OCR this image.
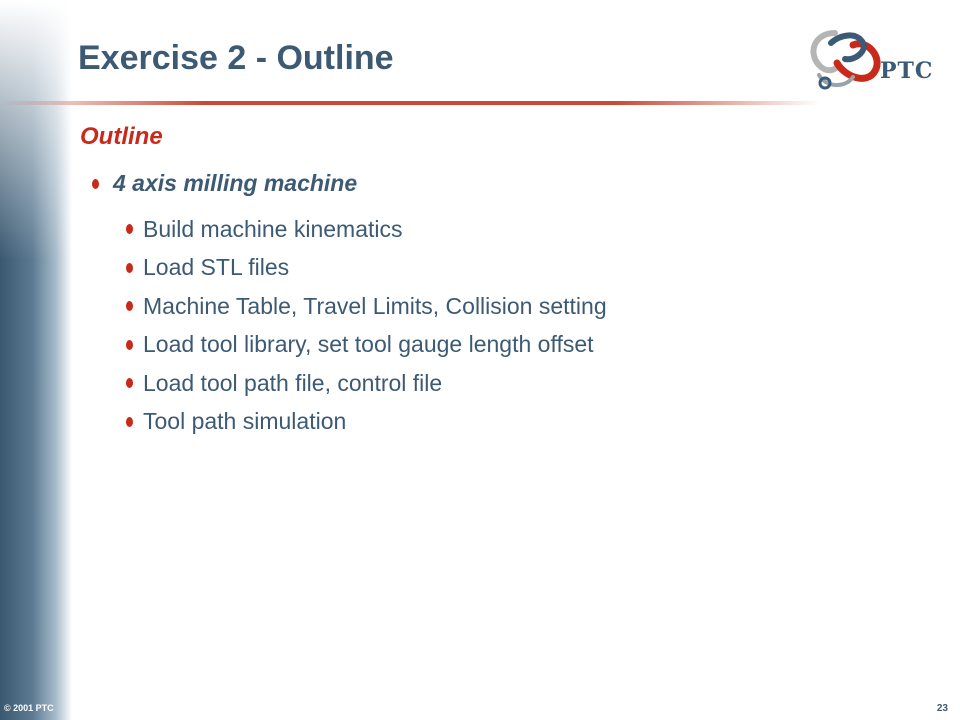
Exercise 2 - Outline	PTC
Outline
4 axis milling machine
Build machine kinematics
Load STL files
Machine Table, Travel Limits, Collision setting
Load tool library, set tool gauge length offset
Load tool path file, control file
Tool path simulation
© 2001 PTC	23
